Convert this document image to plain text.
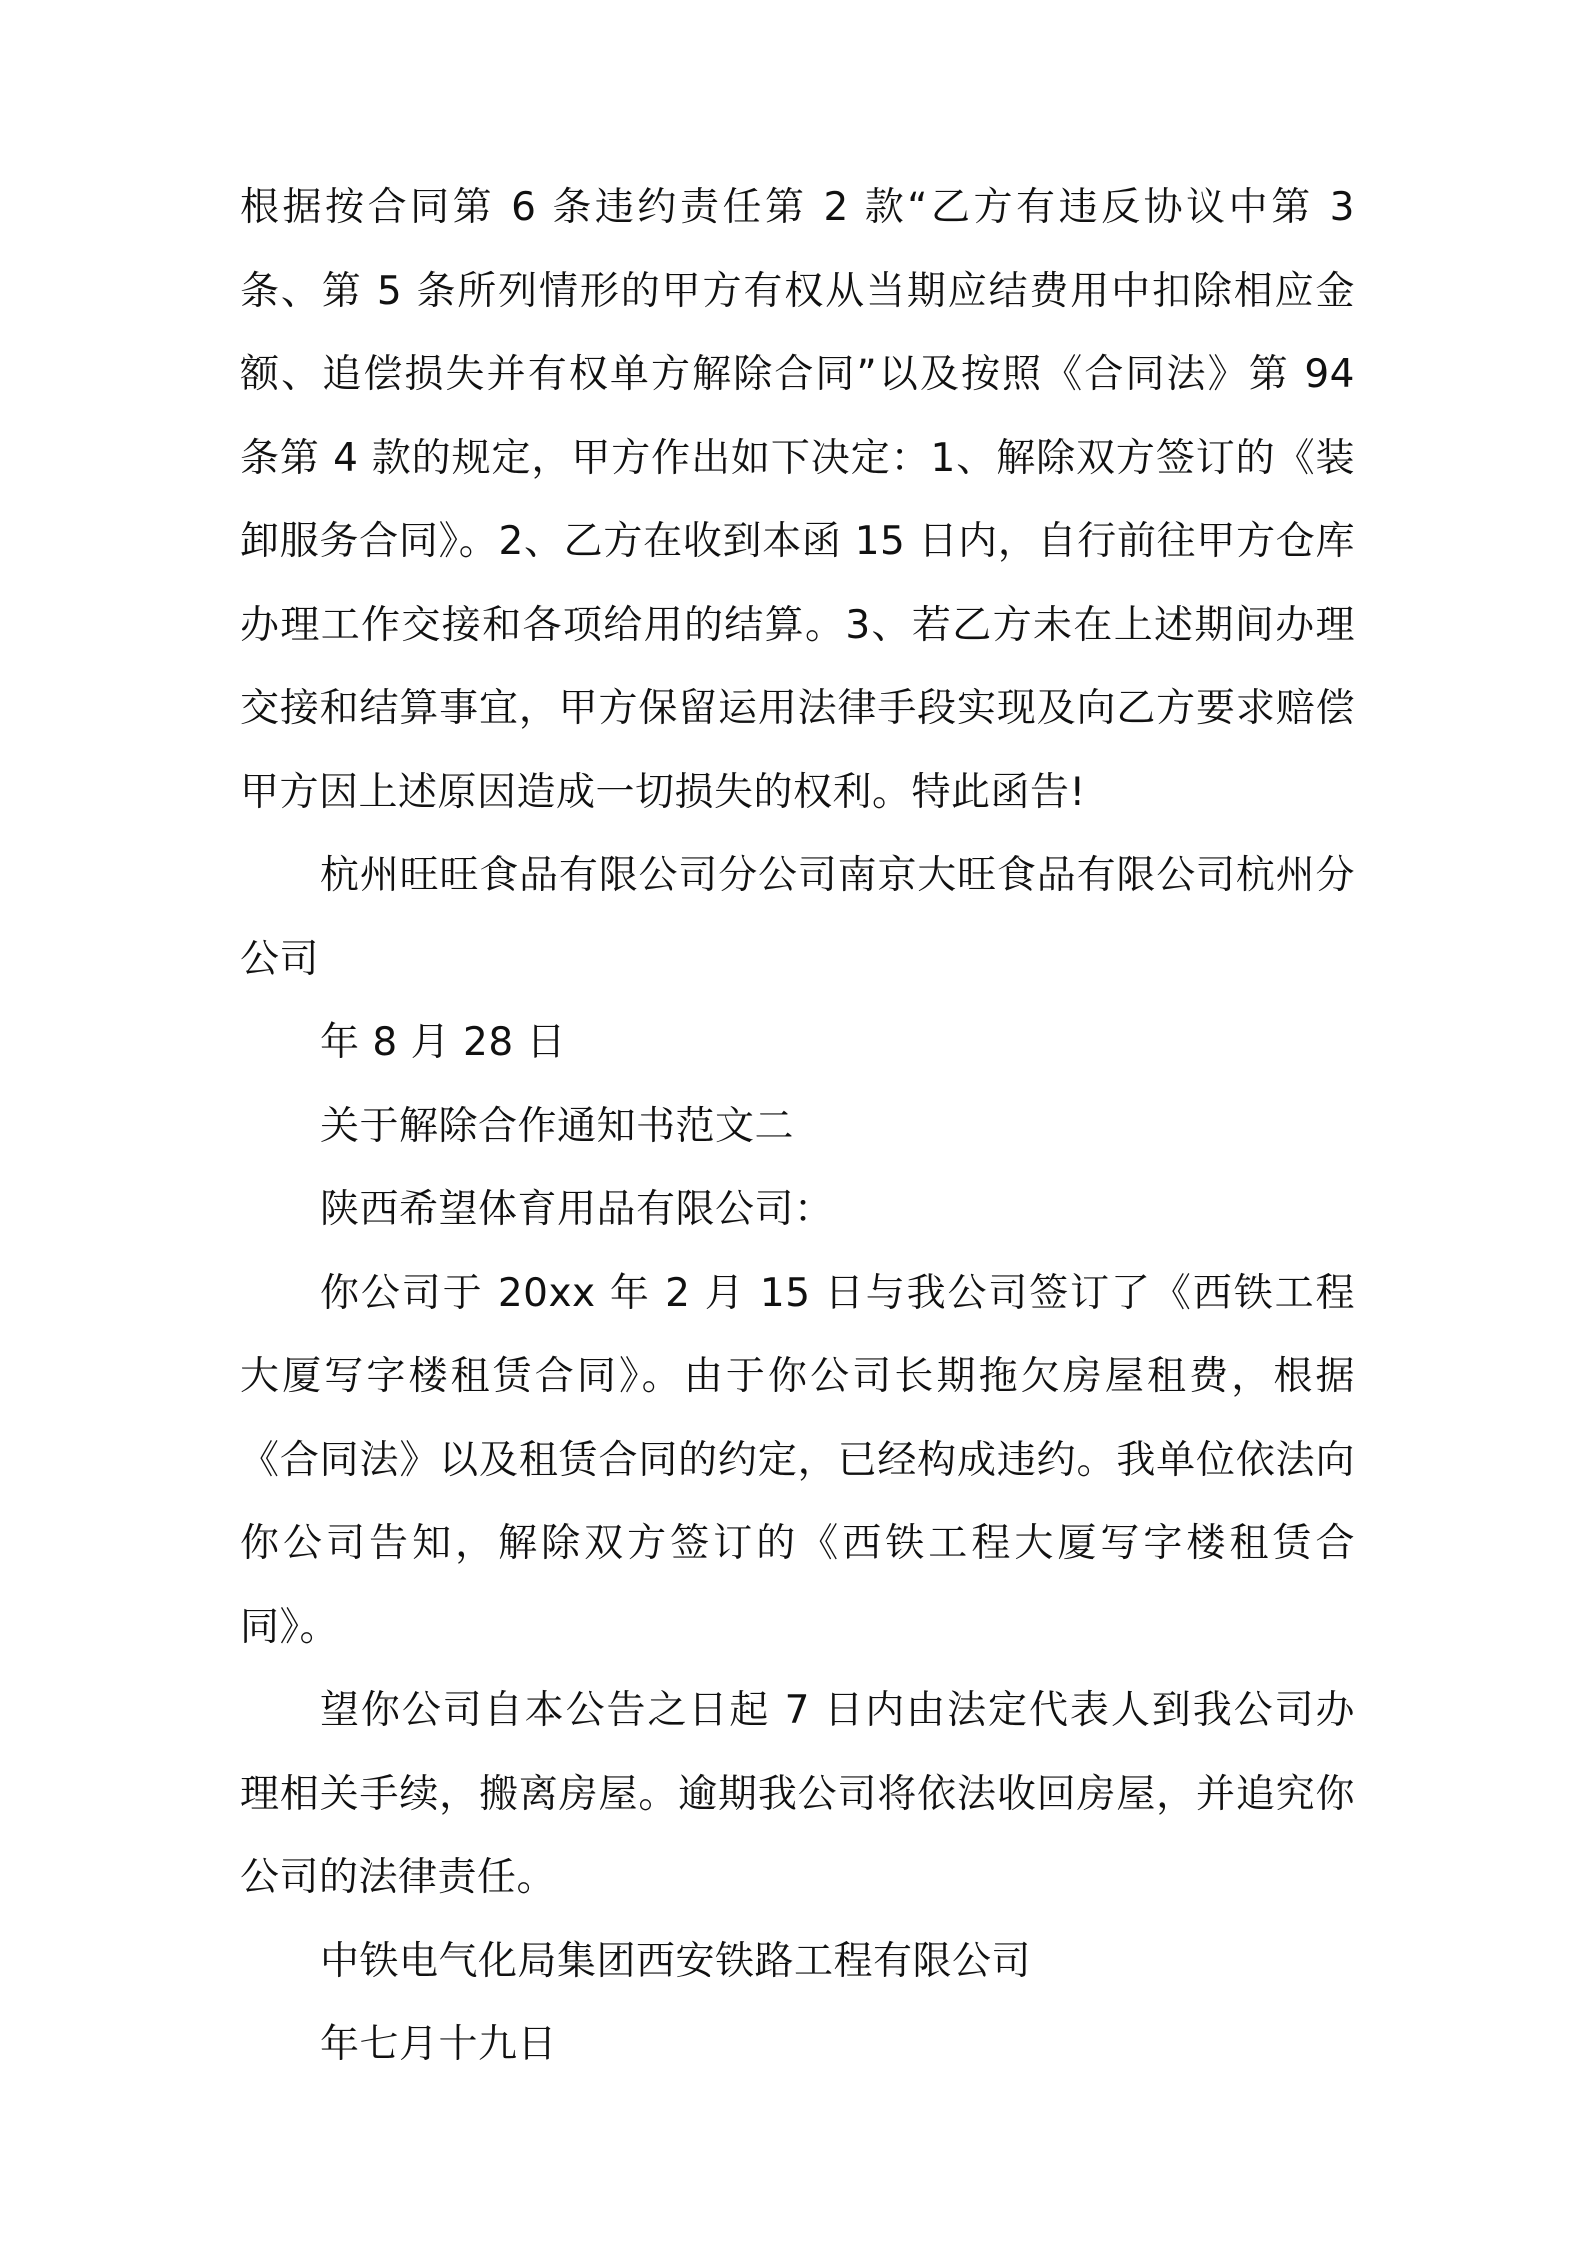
根据按合同第 6 条违约责任第 2 款“乙方有违反协议中第 3 条、第 5 条所列情形的甲方有权从当期应结费用中扣除相应金额、追偿损失并有权单方解除合同”以及按照《合同法》第 94 条第 4 款的规定，甲方作出如下决定：1、解除双方签订的《装卸服务合同》。2、乙方在收到本函 15 日内，自行前往甲方仓库办理工作交接和各项给用的结算。3、若乙方未在上述期间办理交接和结算事宜，甲方保留运用法律手段实现及向乙方要求赔偿甲方因上述原因造成一切损失的权利。特此函告!

杭州旺旺食品有限公司分公司南京大旺食品有限公司杭州分公司

年 8 月 28 日

关于解除合作通知书范文二

陕西希望体育用品有限公司：

你公司于 20xx 年 2 月 15 日与我公司签订了《西铁工程大厦写字楼租赁合同》。由于你公司长期拖欠房屋租费，根据《合同法》以及租赁合同的约定，已经构成违约。我单位依法向你公司告知，解除双方签订的《西铁工程大厦写字楼租赁合同》。

望你公司自本公告之日起 7 日内由法定代表人到我公司办理相关手续，搬离房屋。逾期我公司将依法收回房屋，并追究你公司的法律责任。

中铁电气化局集团西安铁路工程有限公司

年七月十九日
